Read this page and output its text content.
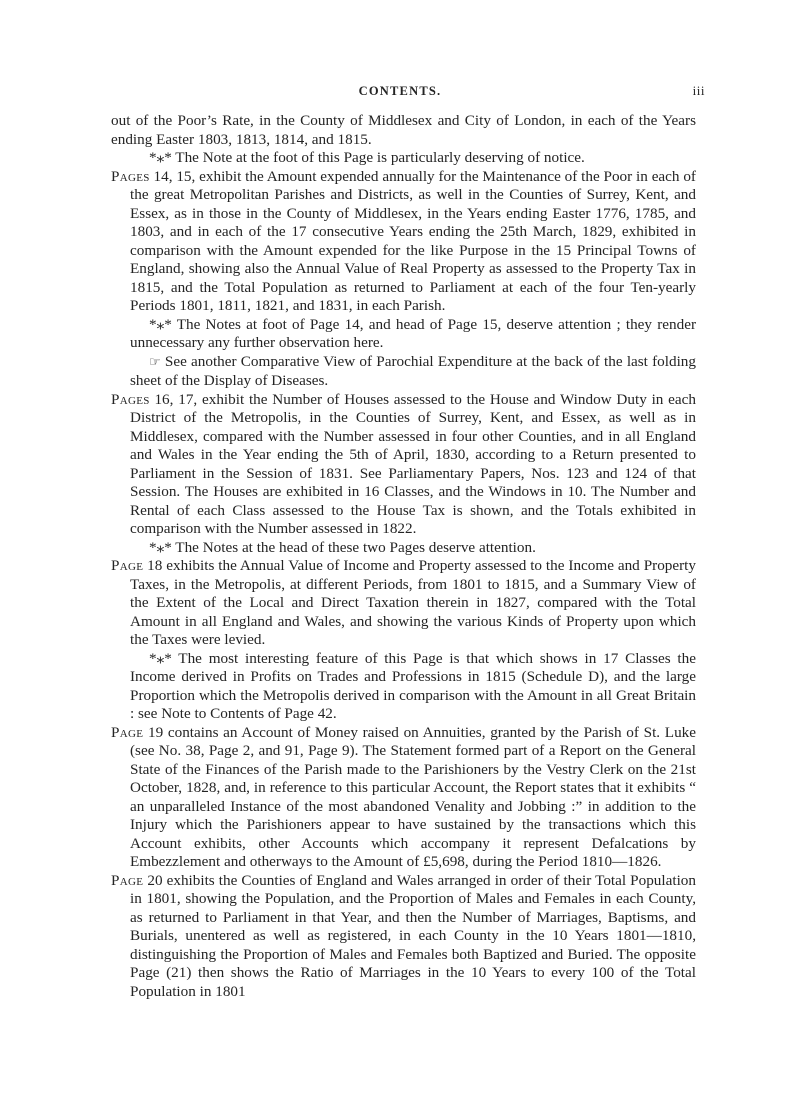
CONTENTS.	iii

out of the Poor’s Rate, in the County of Middlesex and City of London, in each of the Years ending Easter 1803, 1813, 1814, and 1815.

*⁎* The Note at the foot of this Page is particularly deserving of notice.

Pages 14, 15, exhibit the Amount expended annually for the Maintenance of the Poor in each of the great Metropolitan Parishes and Districts, as well in the Counties of Surrey, Kent, and Essex, as in those in the County of Middlesex, in the Years ending Easter 1776, 1785, and 1803, and in each of the 17 consecutive Years ending the 25th March, 1829, exhibited in comparison with the Amount expended for the like Purpose in the 15 Principal Towns of England, showing also the Annual Value of Real Property as assessed to the Property Tax in 1815, and the Total Population as returned to Parliament at each of the four Ten-yearly Periods 1801, 1811, 1821, and 1831, in each Parish.

*⁎* The Notes at foot of Page 14, and head of Page 15, deserve attention ; they render unnecessary any further observation here.

☞ See another Comparative View of Parochial Expenditure at the back of the last folding sheet of the Display of Diseases.

Pages 16, 17, exhibit the Number of Houses assessed to the House and Window Duty in each District of the Metropolis, in the Counties of Surrey, Kent, and Essex, as well as in Middlesex, compared with the Number assessed in four other Counties, and in all England and Wales in the Year ending the 5th of April, 1830, according to a Return presented to Parliament in the Session of 1831. See Parliamentary Papers, Nos. 123 and 124 of that Session. The Houses are exhibited in 16 Classes, and the Windows in 10. The Number and Rental of each Class assessed to the House Tax is shown, and the Totals exhibited in comparison with the Number assessed in 1822.

*⁎* The Notes at the head of these two Pages deserve attention.

Page 18 exhibits the Annual Value of Income and Property assessed to the Income and Property Taxes, in the Metropolis, at different Periods, from 1801 to 1815, and a Summary View of the Extent of the Local and Direct Taxation therein in 1827, compared with the Total Amount in all England and Wales, and showing the various Kinds of Property upon which the Taxes were levied.

*⁎* The most interesting feature of this Page is that which shows in 17 Classes the Income derived in Profits on Trades and Professions in 1815 (Schedule D), and the large Proportion which the Metropolis derived in comparison with the Amount in all Great Britain : see Note to Contents of Page 42.

Page 19 contains an Account of Money raised on Annuities, granted by the Parish of St. Luke (see No. 38, Page 2, and 91, Page 9). The Statement formed part of a Report on the General State of the Finances of the Parish made to the Parishioners by the Vestry Clerk on the 21st October, 1828, and, in reference to this particular Account, the Report states that it exhibits “ an unparalleled Instance of the most abandoned Venality and Jobbing :” in addition to the Injury which the Parishioners appear to have sustained by the transactions which this Account exhibits, other Accounts which accompany it represent Defalcations by Embezzlement and otherways to the Amount of £5,698, during the Period 1810—1826.

Page 20 exhibits the Counties of England and Wales arranged in order of their Total Population in 1801, showing the Population, and the Proportion of Males and Females in each County, as returned to Parliament in that Year, and then the Number of Marriages, Baptisms, and Burials, unentered as well as registered, in each County in the 10 Years 1801—1810, distinguishing the Proportion of Males and Females both Baptized and Buried. The opposite Page (21) then shows the Ratio of Marriages in the 10 Years to every 100 of the Total Population in 1801
